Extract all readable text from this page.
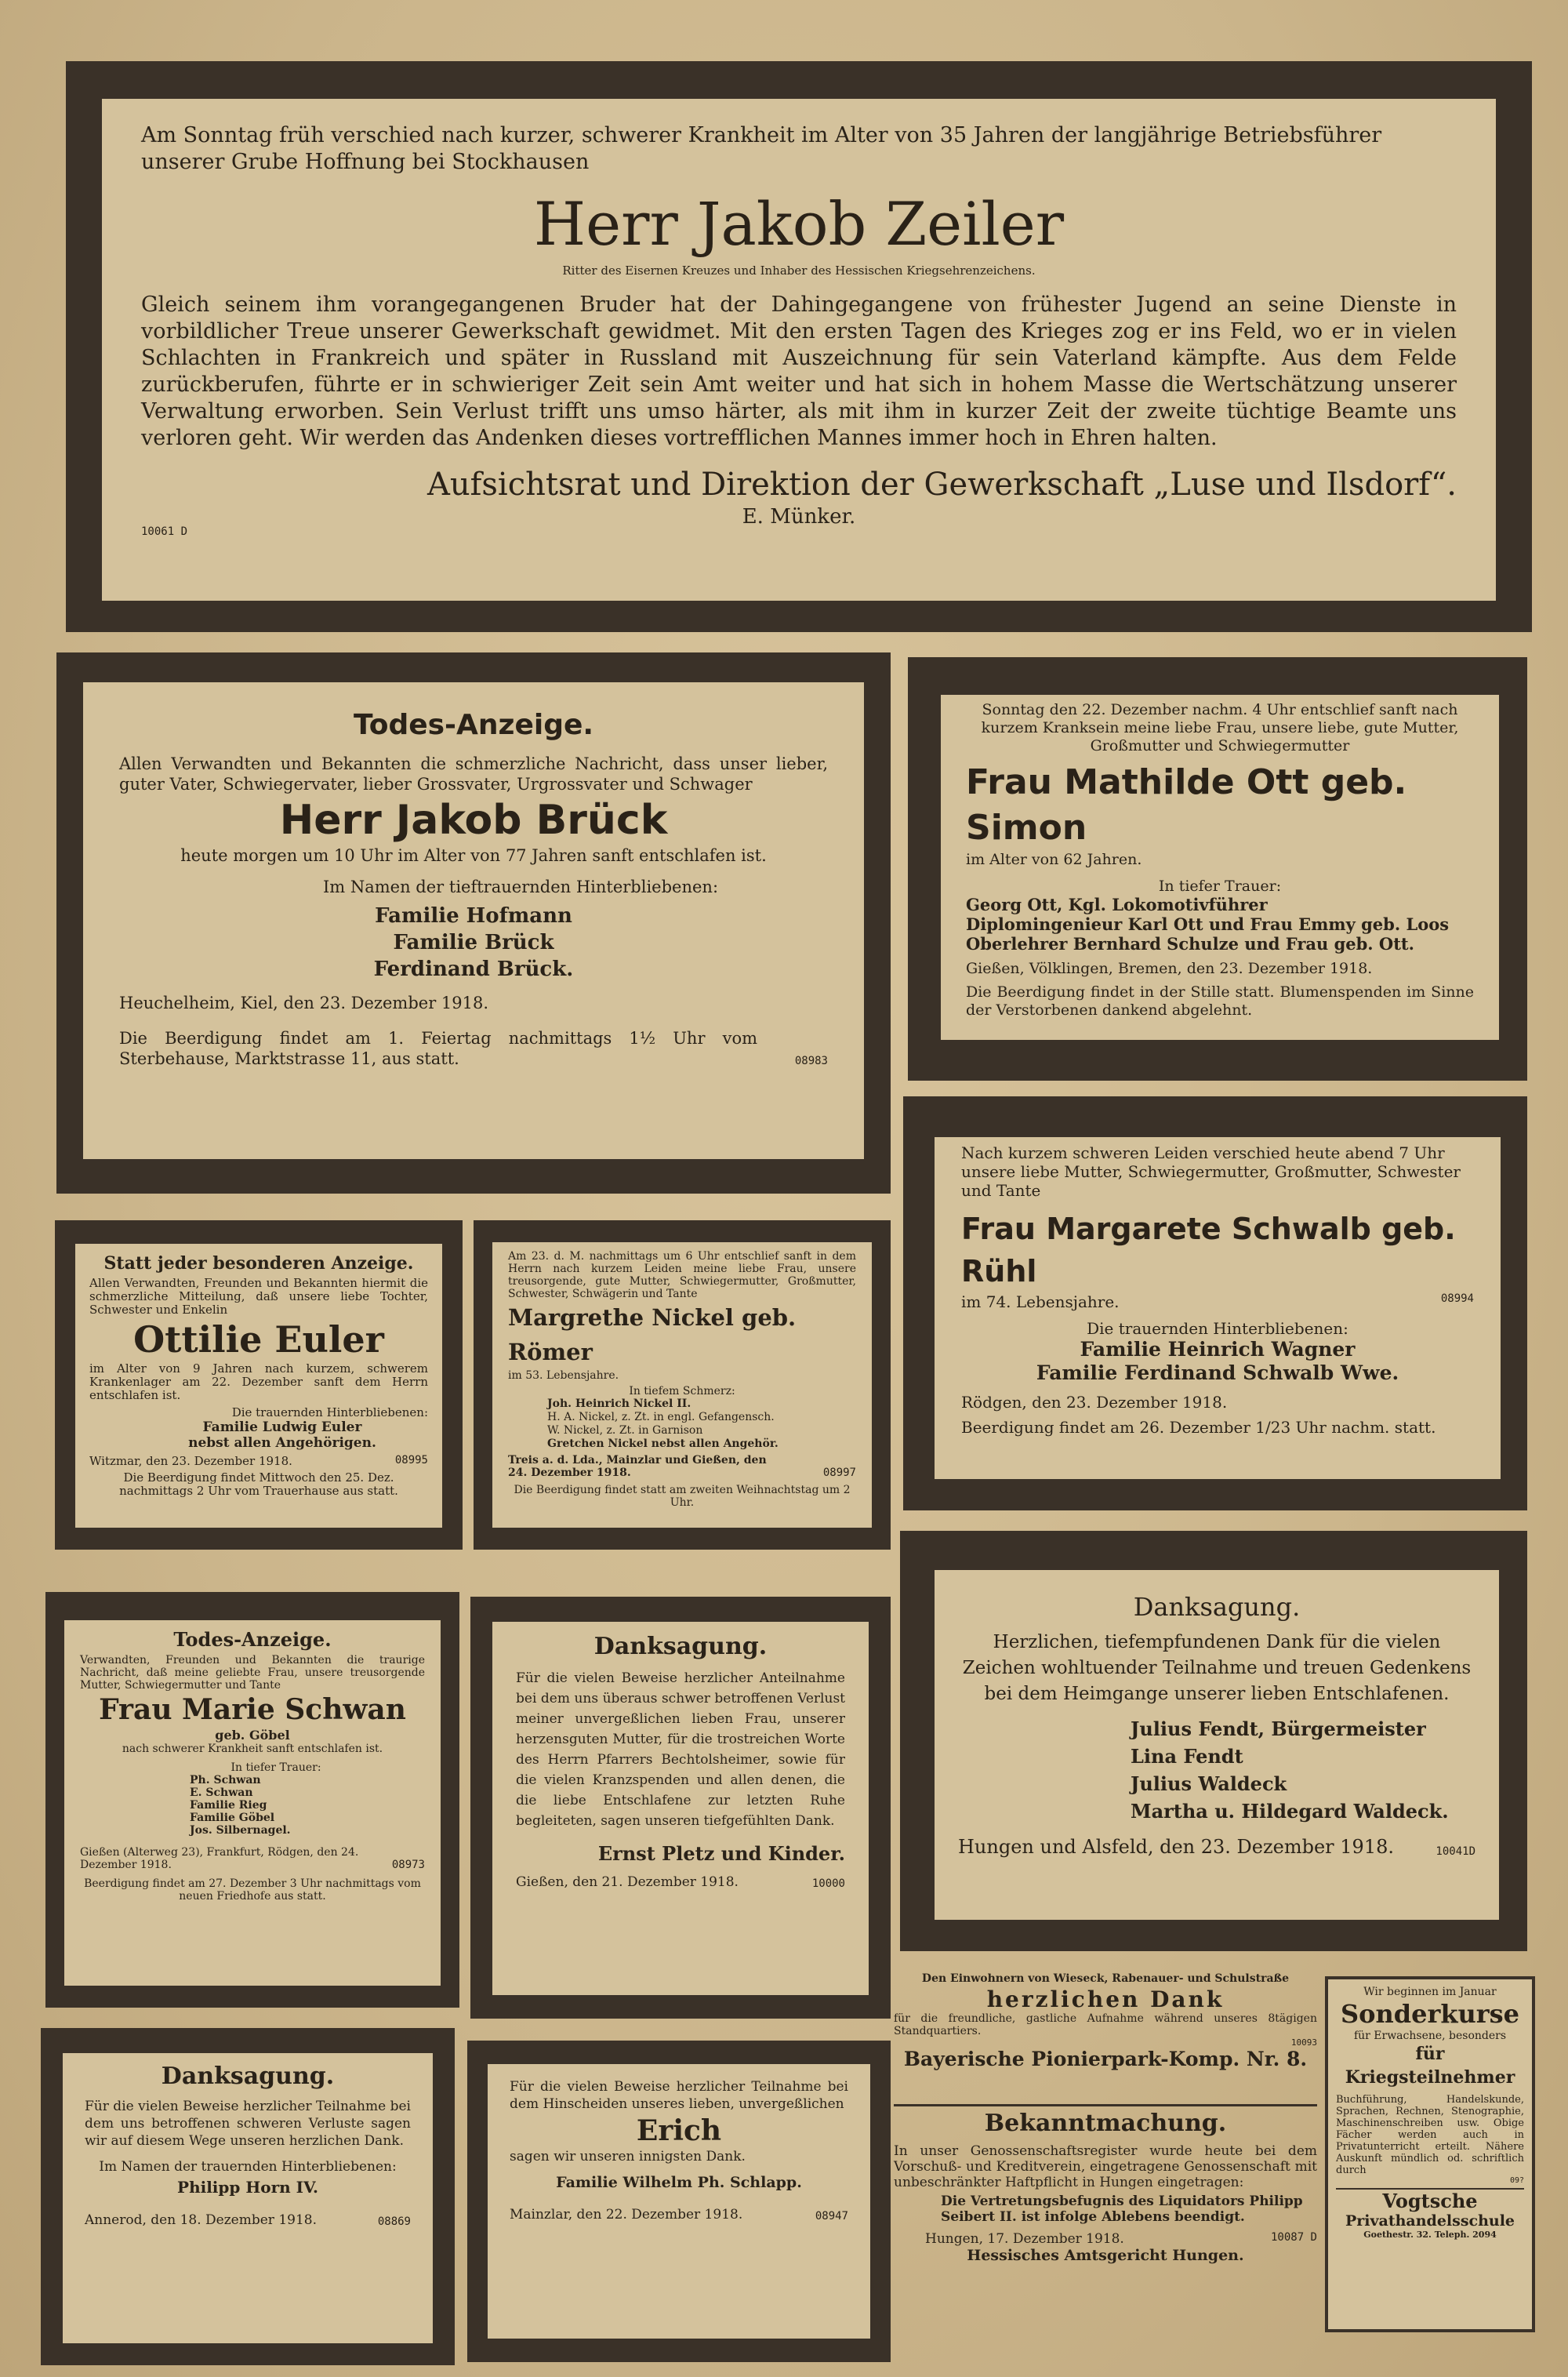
Am Sonntag früh verschied nach kurzer, schwerer Krankheit im Alter von 35 Jahren der langjährige Betriebsführer unserer Grube Hoffnung bei Stockhausen

Herr Jakob Zeiler

Ritter des Eisernen Kreuzes und Inhaber des Hessischen Kriegsehrenzeichens.

Gleich seinem ihm vorangegangenen Bruder hat der Dahingegangene von frühester Jugend an seine Dienste in vorbildlicher Treue unserer Gewerkschaft gewidmet. Mit den ersten Tagen des Krieges zog er ins Feld, wo er in vielen Schlachten in Frankreich und später in Russland mit Auszeichnung für sein Vaterland kämpfte. Aus dem Felde zurückberufen, führte er in schwieriger Zeit sein Amt weiter und hat sich in hohem Masse die Wertschätzung unserer Verwaltung erworben. Sein Verlust trifft uns umso härter, als mit ihm in kurzer Zeit der zweite tüchtige Beamte uns verloren geht. Wir werden das Andenken dieses vortrefflichen Mannes immer hoch in Ehren halten.

Aufsichtsrat und Direktion der Gewerkschaft „Luse und Ilsdorf“.

E. Münker.

10061 D

Todes-Anzeige.

Allen Verwandten und Bekannten die schmerzliche Nachricht, dass unser lieber, guter Vater, Schwiegervater, lieber Grossvater, Urgrossvater und Schwager

Herr Jakob Brück

heute morgen um 10 Uhr im Alter von 77 Jahren sanft entschlafen ist.

Im Namen der tieftrauernden Hinterbliebenen:

Familie Hofmann

Familie Brück

Ferdinand Brück.

Heuchelheim, Kiel, den 23. Dezember 1918.

Die Beerdigung findet am 1. Feiertag nachmittags 1½ Uhr vom Sterbehause, Marktstrasse 11, aus statt.	08983

Sonntag den 22. Dezember nachm. 4 Uhr entschlief sanft nach kurzem Kranksein meine liebe Frau, unsere liebe, gute Mutter, Großmutter und Schwiegermutter

Frau Mathilde Ott geb. Simon

im Alter von 62 Jahren.

In tiefer Trauer:

Georg Ott, Kgl. Lokomotivführer

Diplomingenieur Karl Ott und Frau Emmy geb. Loos

Oberlehrer Bernhard Schulze und Frau geb. Ott.

Gießen, Völklingen, Bremen, den 23. Dezember 1918.

Die Beerdigung findet in der Stille statt. Blumenspenden im Sinne der Verstorbenen dankend abgelehnt.

Nach kurzem schweren Leiden verschied heute abend 7 Uhr unsere liebe Mutter, Schwiegermutter, Großmutter, Schwester und Tante

Frau Margarete Schwalb geb. Rühl

im 74. Lebensjahre.	08994

Die trauernden Hinterbliebenen:

Familie Heinrich Wagner

Familie Ferdinand Schwalb Wwe.

Rödgen, den 23. Dezember 1918.

Beerdigung findet am 26. Dezember 1/23 Uhr nachm. statt.

Statt jeder besonderen Anzeige.

Allen Verwandten, Freunden und Bekannten hiermit die schmerzliche Mitteilung, daß unsere liebe Tochter, Schwester und Enkelin

Ottilie Euler

im Alter von 9 Jahren nach kurzem, schwerem Krankenlager am 22. Dezember sanft dem Herrn entschlafen ist.

Die trauernden Hinterbliebenen:

Familie Ludwig Euler

nebst allen Angehörigen.

Witzmar, den 23. Dezember 1918.	08995

Die Beerdigung findet Mittwoch den 25. Dez. nachmittags 2 Uhr vom Trauerhause aus statt.

Am 23. d. M. nachmittags um 6 Uhr entschlief sanft in dem Herrn nach kurzem Leiden meine liebe Frau, unsere treusorgende, gute Mutter, Schwiegermutter, Großmutter, Schwester, Schwägerin und Tante

Margrethe Nickel geb. Römer

im 53. Lebensjahre.

In tiefem Schmerz:

Joh. Heinrich Nickel II.

H. A. Nickel, z. Zt. in engl. Gefangensch.

W. Nickel, z. Zt. in Garnison

Gretchen Nickel nebst allen Angehör.

Treis a. d. Lda., Mainzlar und Gießen, den 24. Dezember 1918.	08997

Die Beerdigung findet statt am zweiten Weihnachtstag um 2 Uhr.

Danksagung.

Herzlichen, tiefempfundenen Dank für die vielen Zeichen wohltuender Teilnahme und treuen Gedenkens bei dem Heimgange unserer lieben Entschlafenen.

Julius Fendt, Bürgermeister

Lina Fendt

Julius Waldeck

Martha u. Hildegard Waldeck.

Hungen und Alsfeld, den 23. Dezember 1918.	10041D

Todes-Anzeige.

Verwandten, Freunden und Bekannten die traurige Nachricht, daß meine geliebte Frau, unsere treusorgende Mutter, Schwiegermutter und Tante

Frau Marie Schwan

geb. Göbel

nach schwerer Krankheit sanft entschlafen ist.

In tiefer Trauer:

Ph. Schwan

E. Schwan

Familie Rieg

Familie Göbel

Jos. Silbernagel.

Gießen (Alterweg 23), Frankfurt, Rödgen, den 24. Dezember 1918.	08973

Beerdigung findet am 27. Dezember 3 Uhr nachmittags vom neuen Friedhofe aus statt.

Danksagung.

Für die vielen Beweise herzlicher Anteilnahme bei dem uns überaus schwer betroffenen Verlust meiner unvergeßlichen lieben Frau, unserer herzensguten Mutter, für die trostreichen Worte des Herrn Pfarrers Bechtolsheimer, sowie für die vielen Kranzspenden und allen denen, die die liebe Entschlafene zur letzten Ruhe begleiteten, sagen unseren tiefgefühlten Dank.

Ernst Pletz und Kinder.

Gießen, den 21. Dezember 1918.	10000

Den Einwohnern von Wieseck, Rabenauer- und Schulstraße

herzlichen Dank

für die freundliche, gastliche Aufnahme während unseres 8tägigen Standquartiers.

10093

Bayerische Pionierpark-Komp. Nr. 8.

Bekanntmachung.

In unser Genossenschaftsregister wurde heute bei dem Vorschuß- und Kreditverein, eingetragene Genossenschaft mit unbeschränkter Haftpflicht in Hungen eingetragen:

Die Vertretungsbefugnis des Liquidators Philipp Seibert II. ist infolge Ablebens beendigt.

Hungen, 17. Dezember 1918.	10087 D

Hessisches Amtsgericht Hungen.

Wir beginnen im Januar

Sonderkurse

für Erwachsene, besonders

für Kriegsteilnehmer

Buchführung, Handelskunde, Sprachen, Rechnen, Stenographie, Maschinenschreiben usw. Obige Fächer werden auch in Privatunterricht erteilt. Nähere Auskunft mündlich od. schriftlich durch

09?

Vogtsche

Privathandelsschule

Goethestr. 32. Teleph. 2094

Danksagung.

Für die vielen Beweise herzlicher Teilnahme bei dem uns betroffenen schweren Verluste sagen wir auf diesem Wege unseren herzlichen Dank.

Im Namen der trauernden Hinterbliebenen:

Philipp Horn IV.

Annerod, den 18. Dezember 1918.	08869

Für die vielen Beweise herzlicher Teilnahme bei dem Hinscheiden unseres lieben, unvergeßlichen

Erich

sagen wir unseren innigsten Dank.

Familie Wilhelm Ph. Schlapp.

Mainzlar, den 22. Dezember 1918.	08947
